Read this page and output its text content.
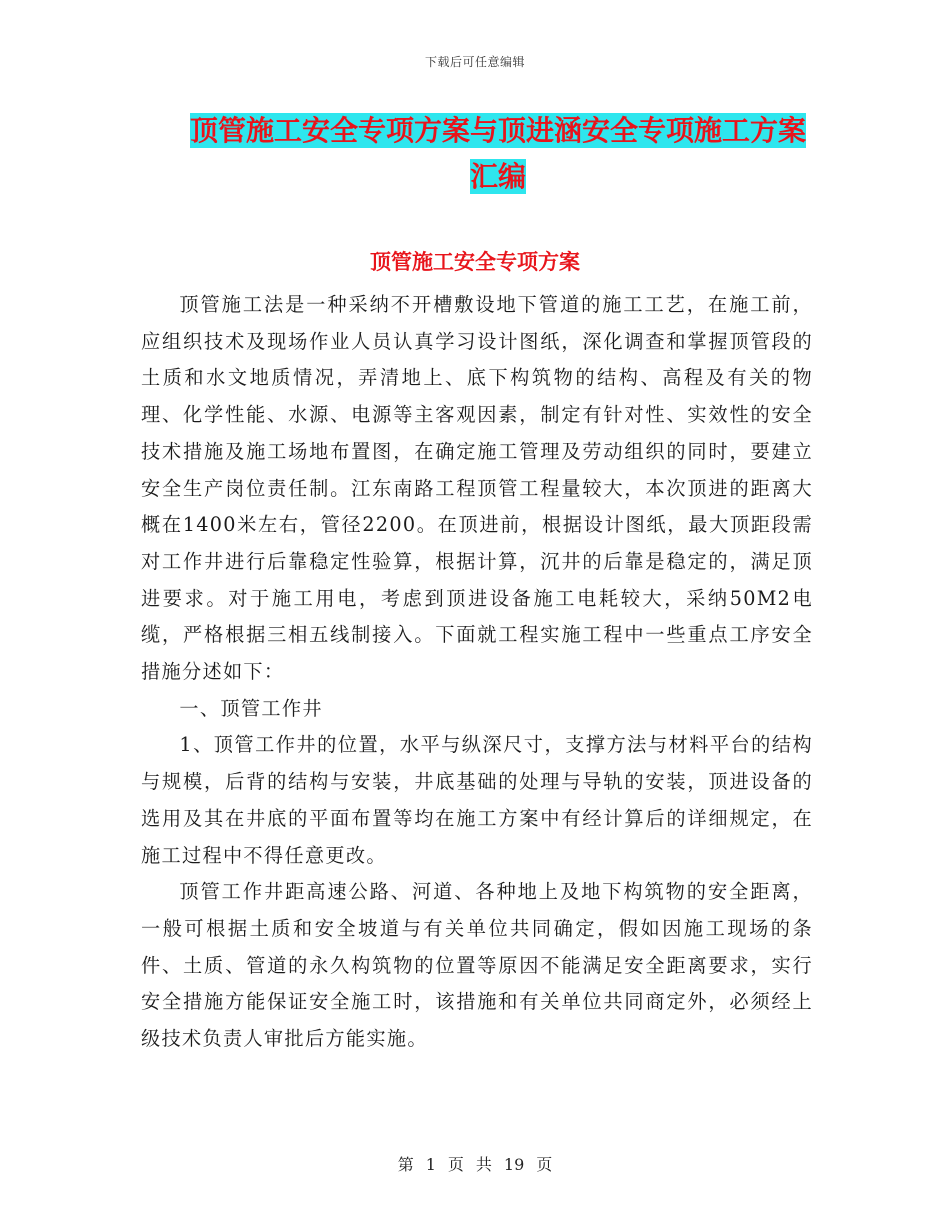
下载后可任意编辑
顶管施工安全专项方案与顶进涵安全专项施工方案汇编
顶管施工安全专项方案

顶管施工法是一种采纳不开槽敷设地下管道的施工工艺，在施工前，应组织技术及现场作业人员认真学习设计图纸，深化调查和掌握顶管段的土质和水文地质情况，弄清地上、底下构筑物的结构、高程及有关的物理、化学性能、水源、电源等主客观因素，制定有针对性、实效性的安全技术措施及施工场地布置图，在确定施工管理及劳动组织的同时，要建立安全生产岗位责任制。江东南路工程顶管工程量较大，本次顶进的距离大概在1400米左右，管径2200。在顶进前，根据设计图纸，最大顶距段需对工作井进行后靠稳定性验算，根据计算，沉井的后靠是稳定的，满足顶进要求。对于施工用电，考虑到顶进设备施工电耗较大，采纳50M2电缆，严格根据三相五线制接入。下面就工程实施工程中一些重点工序安全措施分述如下：

一、顶管工作井

1、顶管工作井的位置，水平与纵深尺寸，支撑方法与材料平台的结构与规模，后背的结构与安装，井底基础的处理与导轨的安装，顶进设备的选用及其在井底的平面布置等均在施工方案中有经计算后的详细规定，在施工过程中不得任意更改。

顶管工作井距高速公路、河道、各种地上及地下构筑物的安全距离，一般可根据土质和安全坡道与有关单位共同确定，假如因施工现场的条件、土质、管道的永久构筑物的位置等原因不能满足安全距离要求，实行安全措施方能保证安全施工时，该措施和有关单位共同商定外，必须经上级技术负责人审批后方能实施。

第 1 页 共 19 页
